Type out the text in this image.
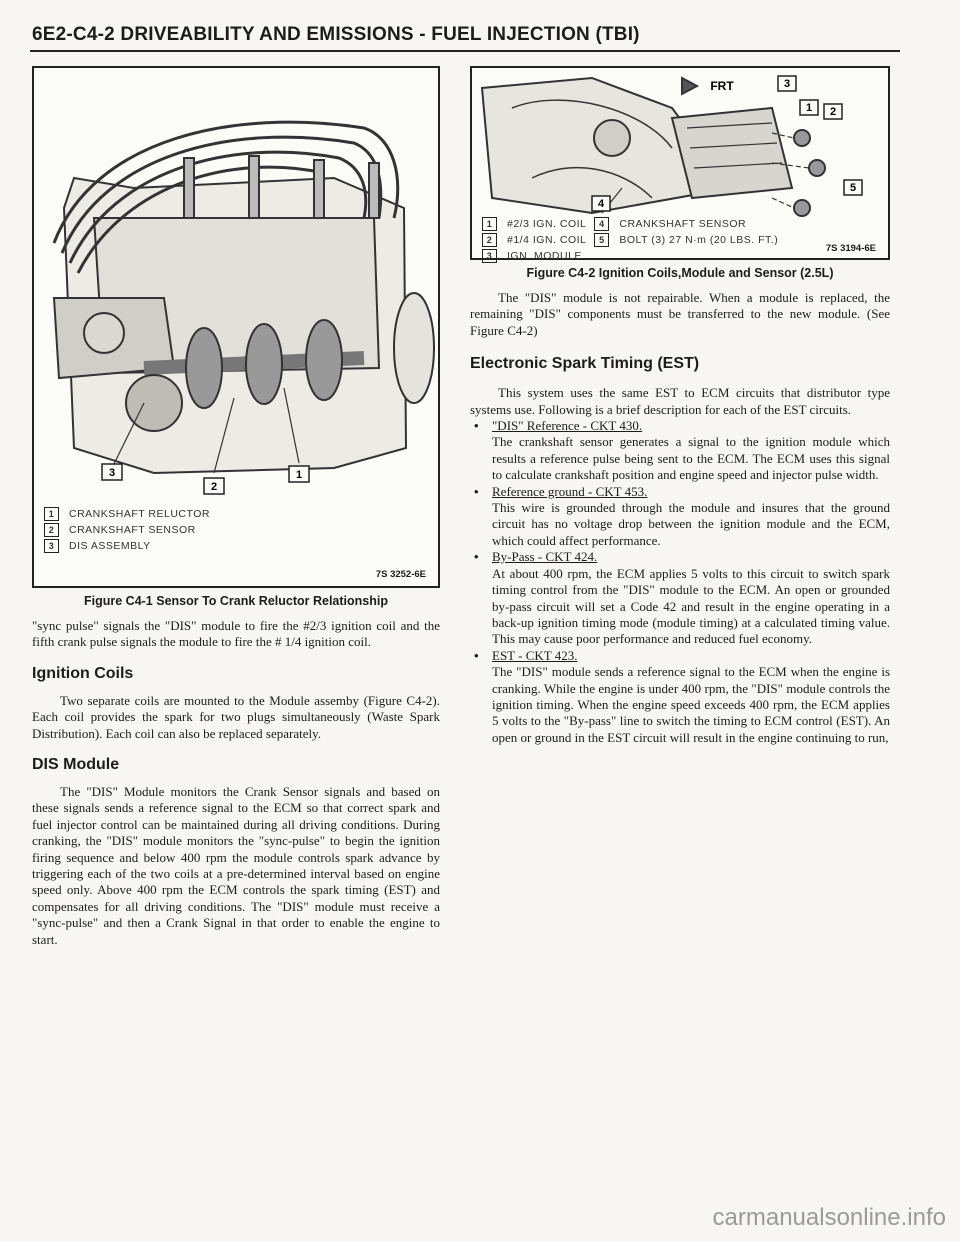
6E2-C4-2 DRIVEABILITY AND EMISSIONS - FUEL INJECTION (TBI)
3
2
1
1	CRANKSHAFT RELUCTOR
2	CRANKSHAFT SENSOR
3	DIS ASSEMBLY
7S 3252-6E
Figure C4-1 Sensor To Crank Reluctor Relationship

"sync pulse" signals the "DIS" module to fire the #2/3 ignition coil and the fifth crank pulse signals the module to fire the # 1/4 ignition coil.

Ignition Coils

Two separate coils are mounted to the Module assemby (Figure C4-2). Each coil provides the spark for two plugs simultaneously (Waste Spark Distribution). Each coil can also be replaced separately.

DIS Module

The "DIS" Module monitors the Crank Sensor signals and based on these signals sends a reference signal to the ECM so that correct spark and fuel injector control can be maintained during all driving conditions. During cranking, the "DIS" module monitors the "sync-pulse" to begin the ignition firing sequence and below 400 rpm the module controls spark advance by triggering each of the two coils at a pre-determined interval based on engine speed only. Above 400 rpm the ECM controls the spark timing (EST) and compensates for all driving conditions. The "DIS" module must receive a "sync-pulse" and then a Crank Signal in that order to enable the engine to start.

FRT	3
1 2
5
4
1	#2/3 IGN. COIL
2	#1/4 IGN. COIL
3	IGN. MODULE
4	CRANKSHAFT SENSOR
5	BOLT (3) 27 N·m (20 LBS. FT.)
7S 3194-6E
Figure C4-2 Ignition Coils,Module and Sensor (2.5L)

The "DIS" module is not repairable. When a module is replaced, the remaining "DIS" components must be transferred to the new module. (See Figure C4-2)

Electronic Spark Timing (EST)

This system uses the same EST to ECM circuits that distributor type systems use. Following is a brief description for each of the EST circuits.

• "DIS" Reference - CKT 430.
The crankshaft sensor generates a signal to the ignition module which results a reference pulse being sent to the ECM. The ECM uses this signal to calculate crankshaft position and engine speed and injector pulse width.
• Reference ground - CKT 453.
This wire is grounded through the module and insures that the ground circuit has no voltage drop between the ignition module and the ECM, which could affect performance.
• By-Pass - CKT 424.
At about 400 rpm, the ECM applies 5 volts to this circuit to switch spark timing control from the "DIS" module to the ECM. An open or grounded by-pass circuit will set a Code 42 and result in the engine operating in a back-up ignition timing mode (module timing) at a calculated timing value. This may cause poor performance and reduced fuel economy.
• EST - CKT 423.
The "DIS" module sends a reference signal to the ECM when the engine is cranking. While the engine is under 400 rpm, the "DIS" module controls the ignition timing. When the engine speed exceeds 400 rpm, the ECM applies 5 volts to the "By-pass" line to switch the timing to ECM control (EST). An open or ground in the EST circuit will result in the engine continuing to run,
carmanualsonline.info
